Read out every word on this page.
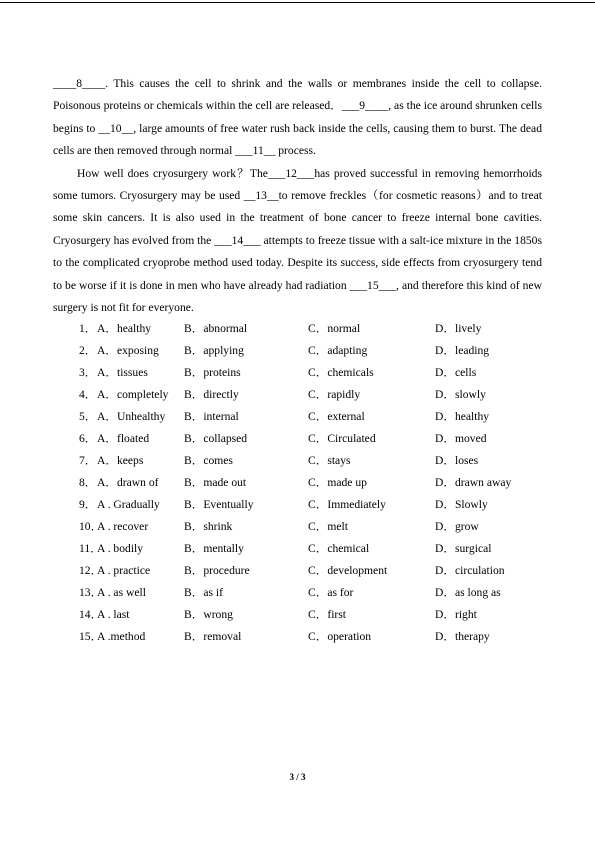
____8____. This causes the cell to shrink and the walls or membranes inside the cell to collapse. Poisonous proteins or chemicals within the cell are released．___9____, as the ice around shrunken cells begins to __10__, large amounts of free water rush back inside the cells, causing them to burst. The dead cells are then removed through normal ___11__ process.

How well does cryosurgery work？The___12___has proved successful in removing hemorrhoids some tumors. Cryosurgery may be used __13__to remove freckles（for cosmetic reasons）and to treat some skin cancers. It is also used in the treatment of bone cancer to freeze internal bone cavities. Cryosurgery has evolved from the ___14___ attempts to freeze tissue with a salt-ice mixture in the 1850s to the complicated cryoprobe method used today. Despite its success, side effects from cryosurgery tend to be worse if it is done in men who have already had radiation ___15___, and therefore this kind of new surgery is not fit for everyone.

1． A．healthy	B．abnormal	C．normal	D．lively
2． A．exposing B．applying	C．adapting	D．leading
3． A．tissues	B．proteins	C．chemicals	D．cells
4． A．completely B．directly	C．rapidly	D．slowly
5． A．Unhealthy B．internal	C．external	D．healthy
6． A．floated	B．collapsed	C．Circulated	D．moved
7． A．keeps	B．comes	C．stays	D．loses
8． A．drawn of B．made out	C．made up	D．drawn away
9． A . Gradually B．Eventually	C．Immediately	D．Slowly
10．
A . recover	B．shrink	C．melt	D．grow
11．
A . bodily	B．mentally	C．chemical	D．surgical
12．
A . practice	B．procedure	C．development	D．circulation
13．
A . as well	B．as if	C．as for	D．as long as
14．
A . last	B．wrong	C．first	D．right
15．
A .method	B．removal	C．operation	D．therapy
3 / 3
